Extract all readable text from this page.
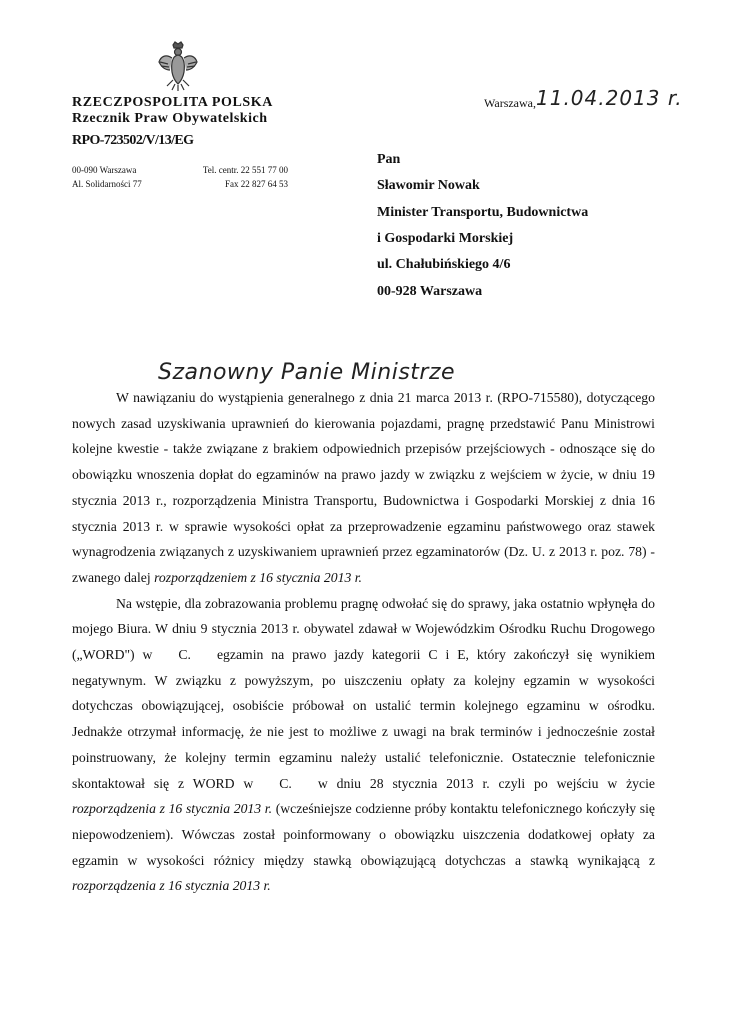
RZECZPOSPOLITA POLSKA
Rzecznik Praw Obywatelskich
RPO-723502/V/13/EG
00-090 Warszawa
Al. Solidarności 77
Tel. centr. 22 551 77 00
Fax 22 827 64 53
Warszawa, 11.04.2013 r.
Pan
Sławomir Nowak
Minister Transportu, Budownictwa
i Gospodarki Morskiej
ul. Chałubińskiego 4/6
00-928 Warszawa
Szanowny Panie Ministrze

W nawiązaniu do wystąpienia generalnego z dnia 21 marca 2013 r. (RPO-715580), dotyczącego nowych zasad uzyskiwania uprawnień do kierowania pojazdami, pragnę przedstawić Panu Ministrowi kolejne kwestie - także związane z brakiem odpowiednich przepisów przejściowych - odnoszące się do obowiązku wnoszenia dopłat do egzaminów na prawo jazdy w związku z wejściem w życie, w dniu 19 stycznia 2013 r., rozporządzenia Ministra Transportu, Budownictwa i Gospodarki Morskiej z dnia 16 stycznia 2013 r. w sprawie wysokości opłat za przeprowadzenie egzaminu państwowego oraz stawek wynagrodzenia związanych z uzyskiwaniem uprawnień przez egzaminatorów (Dz. U. z 2013 r. poz. 78) - zwanego dalej rozporządzeniem z 16 stycznia 2013 r.

Na wstępie, dla zobrazowania problemu pragnę odwołać się do sprawy, jaka ostatnio wpłynęła do mojego Biura. W dniu 9 stycznia 2013 r. obywatel zdawał w Wojewódzkim Ośrodku Ruchu Drogowego („WORD") w C. egzamin na prawo jazdy kategorii C i E, który zakończył się wynikiem negatywnym. W związku z powyższym, po uiszczeniu opłaty za kolejny egzamin w wysokości dotychczas obowiązującej, osobiście próbował on ustalić termin kolejnego egzaminu w ośrodku. Jednakże otrzymał informację, że nie jest to możliwe z uwagi na brak terminów i jednocześnie został poinstruowany, że kolejny termin egzaminu należy ustalić telefonicznie. Ostatecznie telefonicznie skontaktował się z WORD w C. w dniu 28 stycznia 2013 r. czyli po wejściu w życie rozporządzenia z 16 stycznia 2013 r. (wcześniejsze codzienne próby kontaktu telefonicznego kończyły się niepowodzeniem). Wówczas został poinformowany o obowiązku uiszczenia dodatkowej opłaty za egzamin w wysokości różnicy między stawką obowiązującą dotychczas a stawką wynikającą z rozporządzenia z 16 stycznia 2013 r.
